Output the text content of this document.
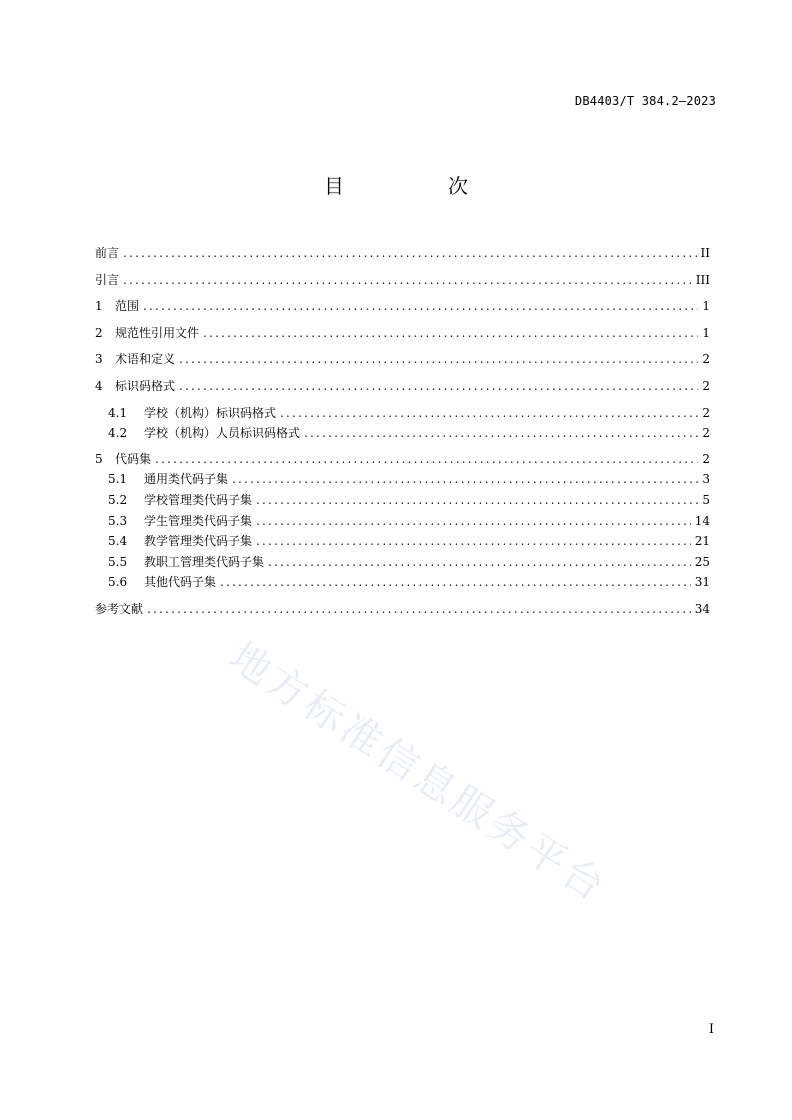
DB4403/T 384.2—2023
目　次
前言 .....	II
引言 .....	III
1 范围 .....	1
2 规范性引用文件 .....	1
3 术语和定义 .....	2
4 标识码格式 .....	2
4.1 学校（机构）标识码格式 .....	2
4.2 学校（机构）人员标识码格式 .....	2
5 代码集 .....	2
5.1 通用类代码子集 .....	3
5.2 学校管理类代码子集 .....	5
5.3 学生管理类代码子集 .....	14
5.4 教学管理类代码子集 .....	21
5.5 教职工管理类代码子集 .....	25
5.6 其他代码子集 .....	31
参考文献 .....	34
地方标准信息服务平台
I
